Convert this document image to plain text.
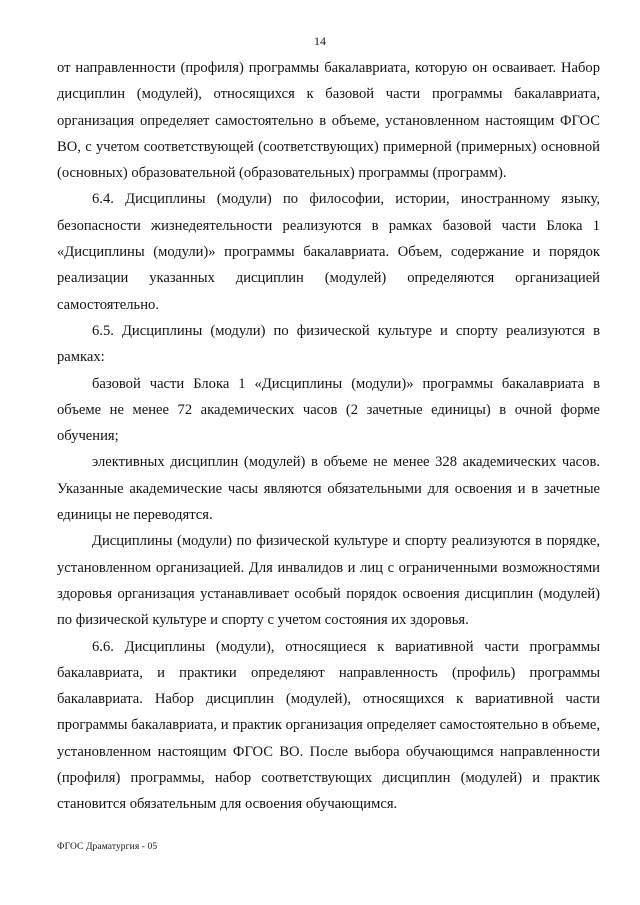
14

от направленности (профиля) программы бакалавриата, которую он осваивает. Набор дисциплин (модулей), относящихся к базовой части программы бакалавриата, организация определяет самостоятельно в объеме, установленном настоящим ФГОС ВО, с учетом соответствующей (соответствующих) примерной (примерных) основной (основных) образовательной (образовательных) программы (программ).

6.4. Дисциплины (модули) по философии, истории, иностранному языку, безопасности жизнедеятельности реализуются в рамках базовой части Блока 1 «Дисциплины (модули)» программы бакалавриата. Объем, содержание и порядок реализации указанных дисциплин (модулей) определяются организацией самостоятельно.

6.5. Дисциплины (модули) по физической культуре и спорту реализуются в рамках:

базовой части Блока 1 «Дисциплины (модули)» программы бакалавриата в объеме не менее 72 академических часов (2 зачетные единицы) в очной форме обучения;

элективных дисциплин (модулей) в объеме не менее 328 академических часов. Указанные академические часы являются обязательными для освоения и в зачетные единицы не переводятся.

Дисциплины (модули) по физической культуре и спорту реализуются в порядке, установленном организацией. Для инвалидов и лиц с ограниченными возможностями здоровья организация устанавливает особый порядок освоения дисциплин (модулей) по физической культуре и спорту с учетом состояния их здоровья.

6.6. Дисциплины (модули), относящиеся к вариативной части программы бакалавриата, и практики определяют направленность (профиль) программы бакалавриата. Набор дисциплин (модулей), относящихся к вариативной части программы бакалавриата, и практик организация определяет самостоятельно в объеме, установленном настоящим ФГОС ВО. После выбора обучающимся направленности (профиля) программы, набор соответствующих дисциплин (модулей) и практик становится обязательным для освоения обучающимся.

ФГОС Драматургия - 05
